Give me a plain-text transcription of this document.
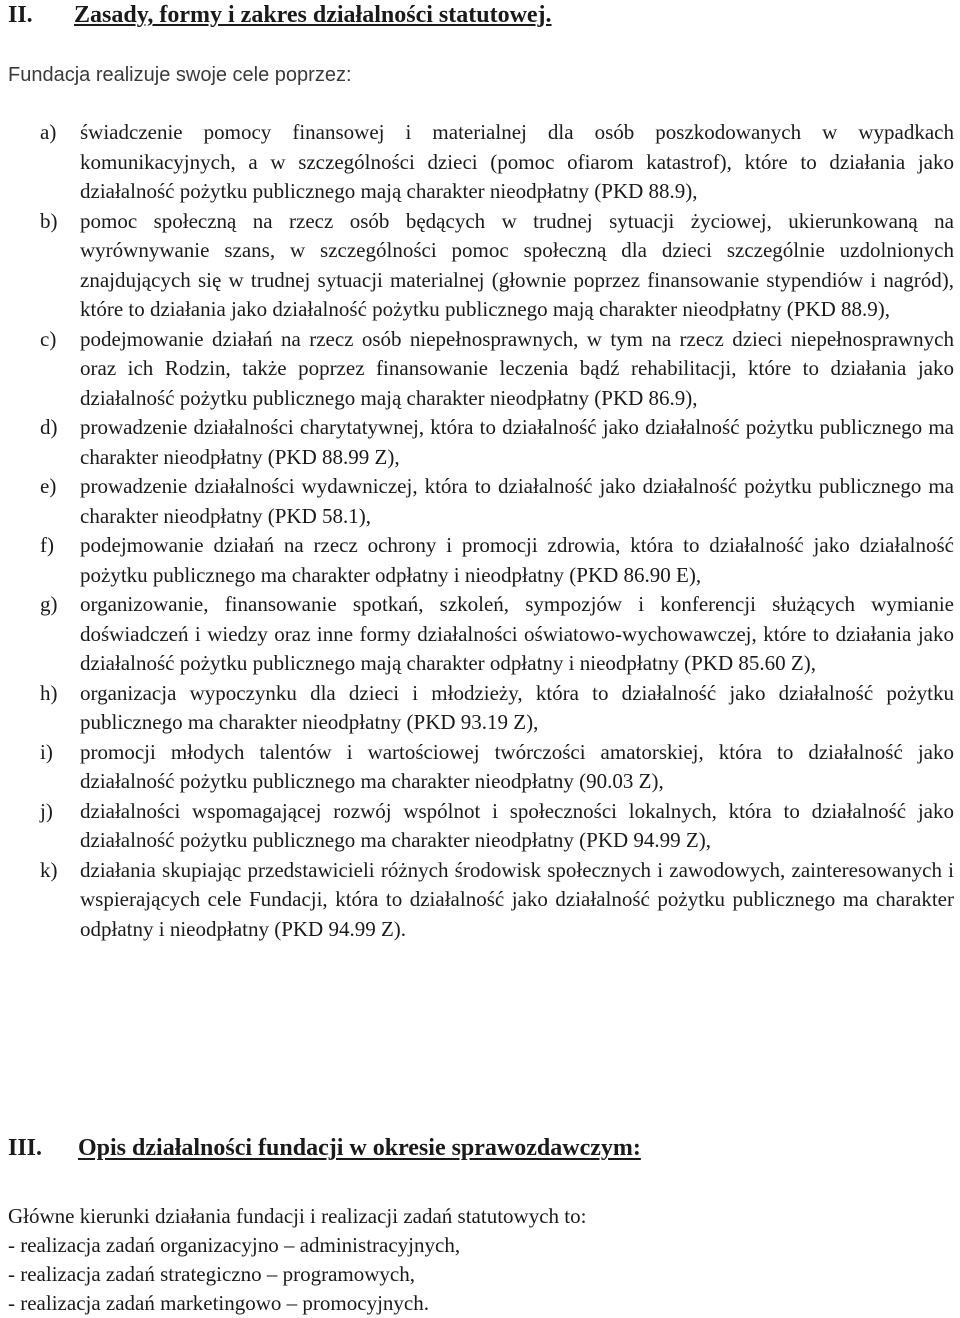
II. Zasady, formy i zakres działalności statutowej.

Fundacja realizuje swoje cele poprzez:

a) świadczenie pomocy finansowej i materialnej dla osób poszkodowanych w wypadkach komunikacyjnych, a w szczególności dzieci (pomoc ofiarom katastrof), które to działania jako działalność pożytku publicznego mają charakter nieodpłatny (PKD 88.9),
b) pomoc społeczną na rzecz osób będących w trudnej sytuacji życiowej, ukierunkowaną na wyrównywanie szans, w szczególności pomoc społeczną dla dzieci szczególnie uzdolnionych znajdujących się w trudnej sytuacji materialnej (głownie poprzez finansowanie stypendiów i nagród), które to działania jako działalność pożytku publicznego mają charakter nieodpłatny (PKD 88.9),
c) podejmowanie działań na rzecz osób niepełnosprawnych, w tym na rzecz dzieci niepełnosprawnych oraz ich Rodzin, także poprzez finansowanie leczenia bądź rehabilitacji, które to działania jako działalność pożytku publicznego mają charakter nieodpłatny (PKD 86.9),
d) prowadzenie działalności charytatywnej, która to działalność jako działalność pożytku publicznego ma charakter nieodpłatny (PKD 88.99 Z),
e) prowadzenie działalności wydawniczej, która to działalność jako działalność pożytku publicznego ma charakter nieodpłatny (PKD 58.1),
f) podejmowanie działań na rzecz ochrony i promocji zdrowia, która to działalność jako działalność pożytku publicznego ma charakter odpłatny i nieodpłatny (PKD 86.90 E),
g) organizowanie, finansowanie spotkań, szkoleń, sympozjów i konferencji służących wymianie doświadczeń i wiedzy oraz inne formy działalności oświatowo-wychowawczej, które to działania jako działalność pożytku publicznego mają charakter odpłatny i nieodpłatny (PKD 85.60 Z),
h) organizacja wypoczynku dla dzieci i młodzieży, która to działalność jako działalność pożytku publicznego ma charakter nieodpłatny (PKD 93.19 Z),
i) promocji młodych talentów i wartościowej twórczości amatorskiej, która to działalność jako działalność pożytku publicznego ma charakter nieodpłatny (90.03 Z),
j) działalności wspomagającej rozwój wspólnot i społeczności lokalnych, która to działalność jako działalność pożytku publicznego ma charakter nieodpłatny (PKD 94.99 Z),
k) działania skupiając przedstawicieli różnych środowisk społecznych i zawodowych, zainteresowanych i wspierających cele Fundacji, która to działalność jako działalność pożytku publicznego ma charakter odpłatny i nieodpłatny (PKD 94.99 Z).
III. Opis działalności fundacji w okresie sprawozdawczym:

Główne kierunki działania fundacji i realizacji zadań statutowych to:

- realizacja zadań organizacyjno – administracyjnych,
- realizacja zadań strategiczno – programowych,
- realizacja zadań marketingowo – promocyjnych.
